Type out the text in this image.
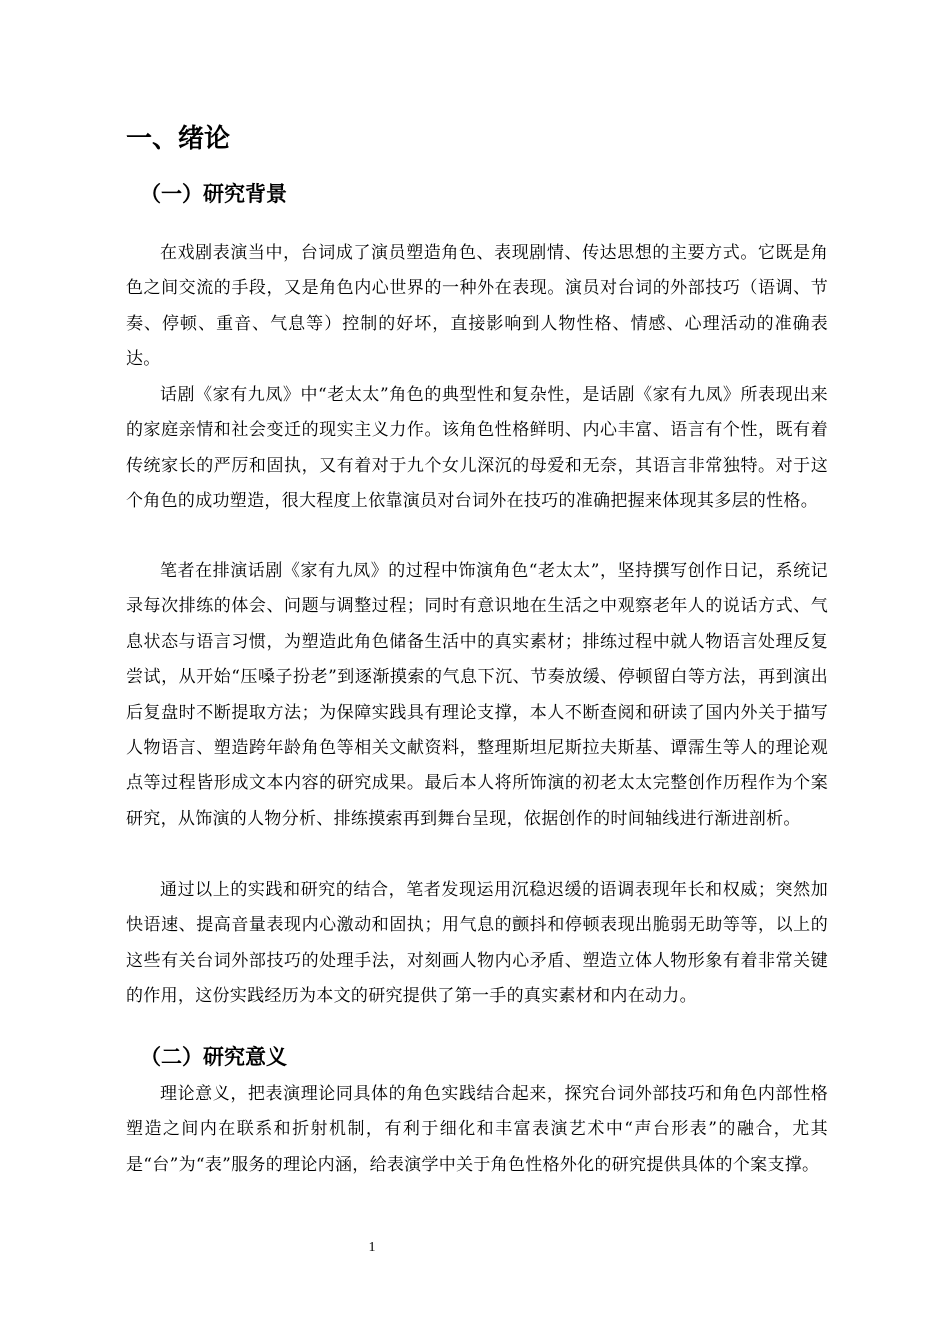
一、绪论
（一）研究背景

在戏剧表演当中，台词成了演员塑造角色、表现剧情、传达思想的主要方式。它既是角色之间交流的手段，又是角色内心世界的一种外在表现。演员对台词的外部技巧（语调、节奏、停顿、重音、气息等）控制的好坏，直接影响到人物性格、情感、心理活动的准确表达。

话剧《家有九凤》中“老太太”角色的典型性和复杂性，是话剧《家有九凤》所表现出来的家庭亲情和社会变迁的现实主义力作。该角色性格鲜明、内心丰富、语言有个性，既有着传统家长的严厉和固执，又有着对于九个女儿深沉的母爱和无奈，其语言非常独特。对于这个角色的成功塑造，很大程度上依靠演员对台词外在技巧的准确把握来体现其多层的性格。

笔者在排演话剧《家有九凤》的过程中饰演角色“老太太”，坚持撰写创作日记，系统记录每次排练的体会、问题与调整过程；同时有意识地在生活之中观察老年人的说话方式、气息状态与语言习惯，为塑造此角色储备生活中的真实素材；排练过程中就人物语言处理反复尝试，从开始“压嗓子扮老”到逐渐摸索的气息下沉、节奏放缓、停顿留白等方法，再到演出后复盘时不断提取方法；为保障实践具有理论支撑，本人不断查阅和研读了国内外关于描写人物语言、塑造跨年龄角色等相关文献资料，整理斯坦尼斯拉夫斯基、谭霈生等人的理论观点等过程皆形成文本内容的研究成果。最后本人将所饰演的初老太太完整创作历程作为个案研究，从饰演的人物分析、排练摸索再到舞台呈现，依据创作的时间轴线进行渐进剖析。

通过以上的实践和研究的结合，笔者发现运用沉稳迟缓的语调表现年长和权威；突然加快语速、提高音量表现内心激动和固执；用气息的颤抖和停顿表现出脆弱无助等等，以上的这些有关台词外部技巧的处理手法，对刻画人物内心矛盾、塑造立体人物形象有着非常关键的作用，这份实践经历为本文的研究提供了第一手的真实素材和内在动力。

（二）研究意义

理论意义，把表演理论同具体的角色实践结合起来，探究台词外部技巧和角色内部性格塑造之间内在联系和折射机制，有利于细化和丰富表演艺术中“声台形表”的融合，尤其是“台”为“表”服务的理论内涵，给表演学中关于角色性格外化的研究提供具体的个案支撑。

1
